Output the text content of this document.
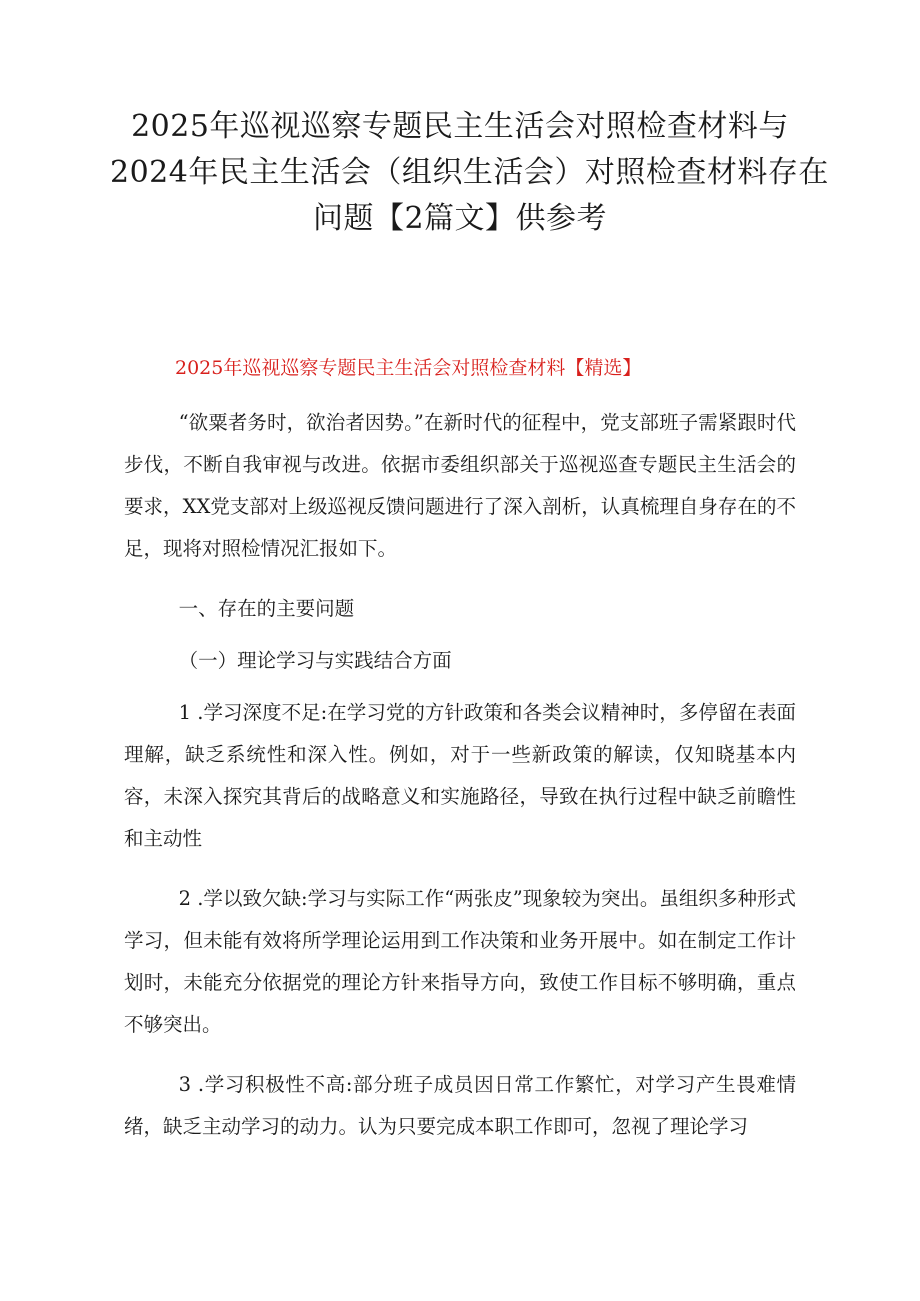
2025年巡视巡察专题民主生活会对照检查材料与
2024年民主生活会（组织生活会）对照检查材料存在
问题【2篇文】供参考
2025年巡视巡察专题民主生活会对照检查材料【精选】

“欲粟者务时，欲治者因势。”在新时代的征程中，党支部班子需紧跟时代步伐，不断自我审视与改进。依据市委组织部关于巡视巡查专题民主生活会的要求，XX党支部对上级巡视反馈问题进行了深入剖析，认真梳理自身存在的不足，现将对照检情况汇报如下。

一、存在的主要问题

（一）理论学习与实践结合方面

1 .学习深度不足:在学习党的方针政策和各类会议精神时，多停留在表面理解，缺乏系统性和深入性。例如，对于一些新政策的解读，仅知晓基本内容，未深入探究其背后的战略意义和实施路径，导致在执行过程中缺乏前瞻性和主动性

2 .学以致欠缺:学习与实际工作“两张皮”现象较为突出。虽组织多种形式学习，但未能有效将所学理论运用到工作决策和业务开展中。如在制定工作计划时，未能充分依据党的理论方针来指导方向，致使工作目标不够明确，重点不够突出。

3 .学习积极性不高:部分班子成员因日常工作繁忙，对学习产生畏难情绪，缺乏主动学习的动力。认为只要完成本职工作即可，忽视了理论学习
